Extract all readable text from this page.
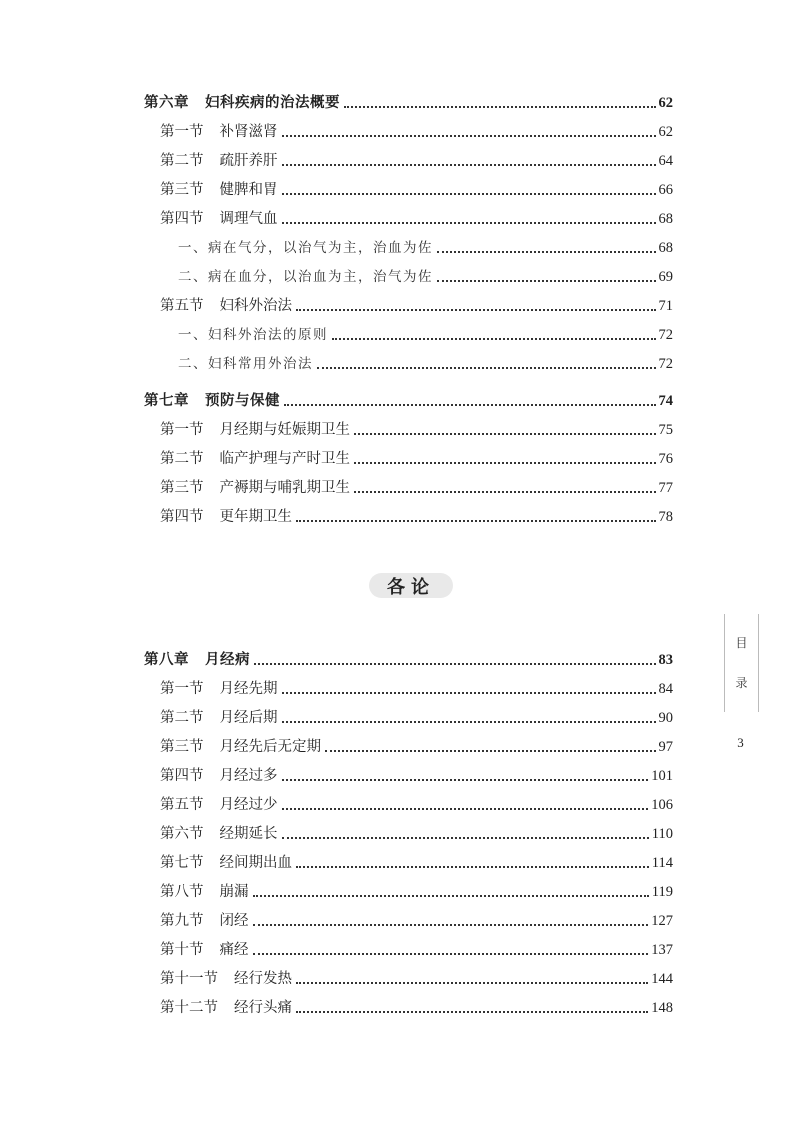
第六章 妇科疾病的治法概要	62
第一节 补肾滋肾	62
第二节 疏肝养肝	64
第三节 健脾和胃	66
第四节 调理气血	68
一、病在气分，以治气为主，治血为佐	68
二、病在血分，以治血为主，治气为佐	69
第五节 妇科外治法	71
一、妇科外治法的原则	72
二、妇科常用外治法	72
第七章 预防与保健	74
第一节 月经期与妊娠期卫生	75
第二节 临产护理与产时卫生	76
第三节 产褥期与哺乳期卫生	77
第四节 更年期卫生	78
各论
第八章 月经病	83
第一节 月经先期	84
第二节 月经后期	90
第三节 月经先后无定期	97
第四节 月经过多	101
第五节 月经过少	106
第六节 经期延长	110
第七节 经间期出血	114
第八节 崩漏	119
第九节 闭经	127
第十节 痛经	137
第十一节 经行发热	144
第十二节 经行头痛	148
目
录
3
